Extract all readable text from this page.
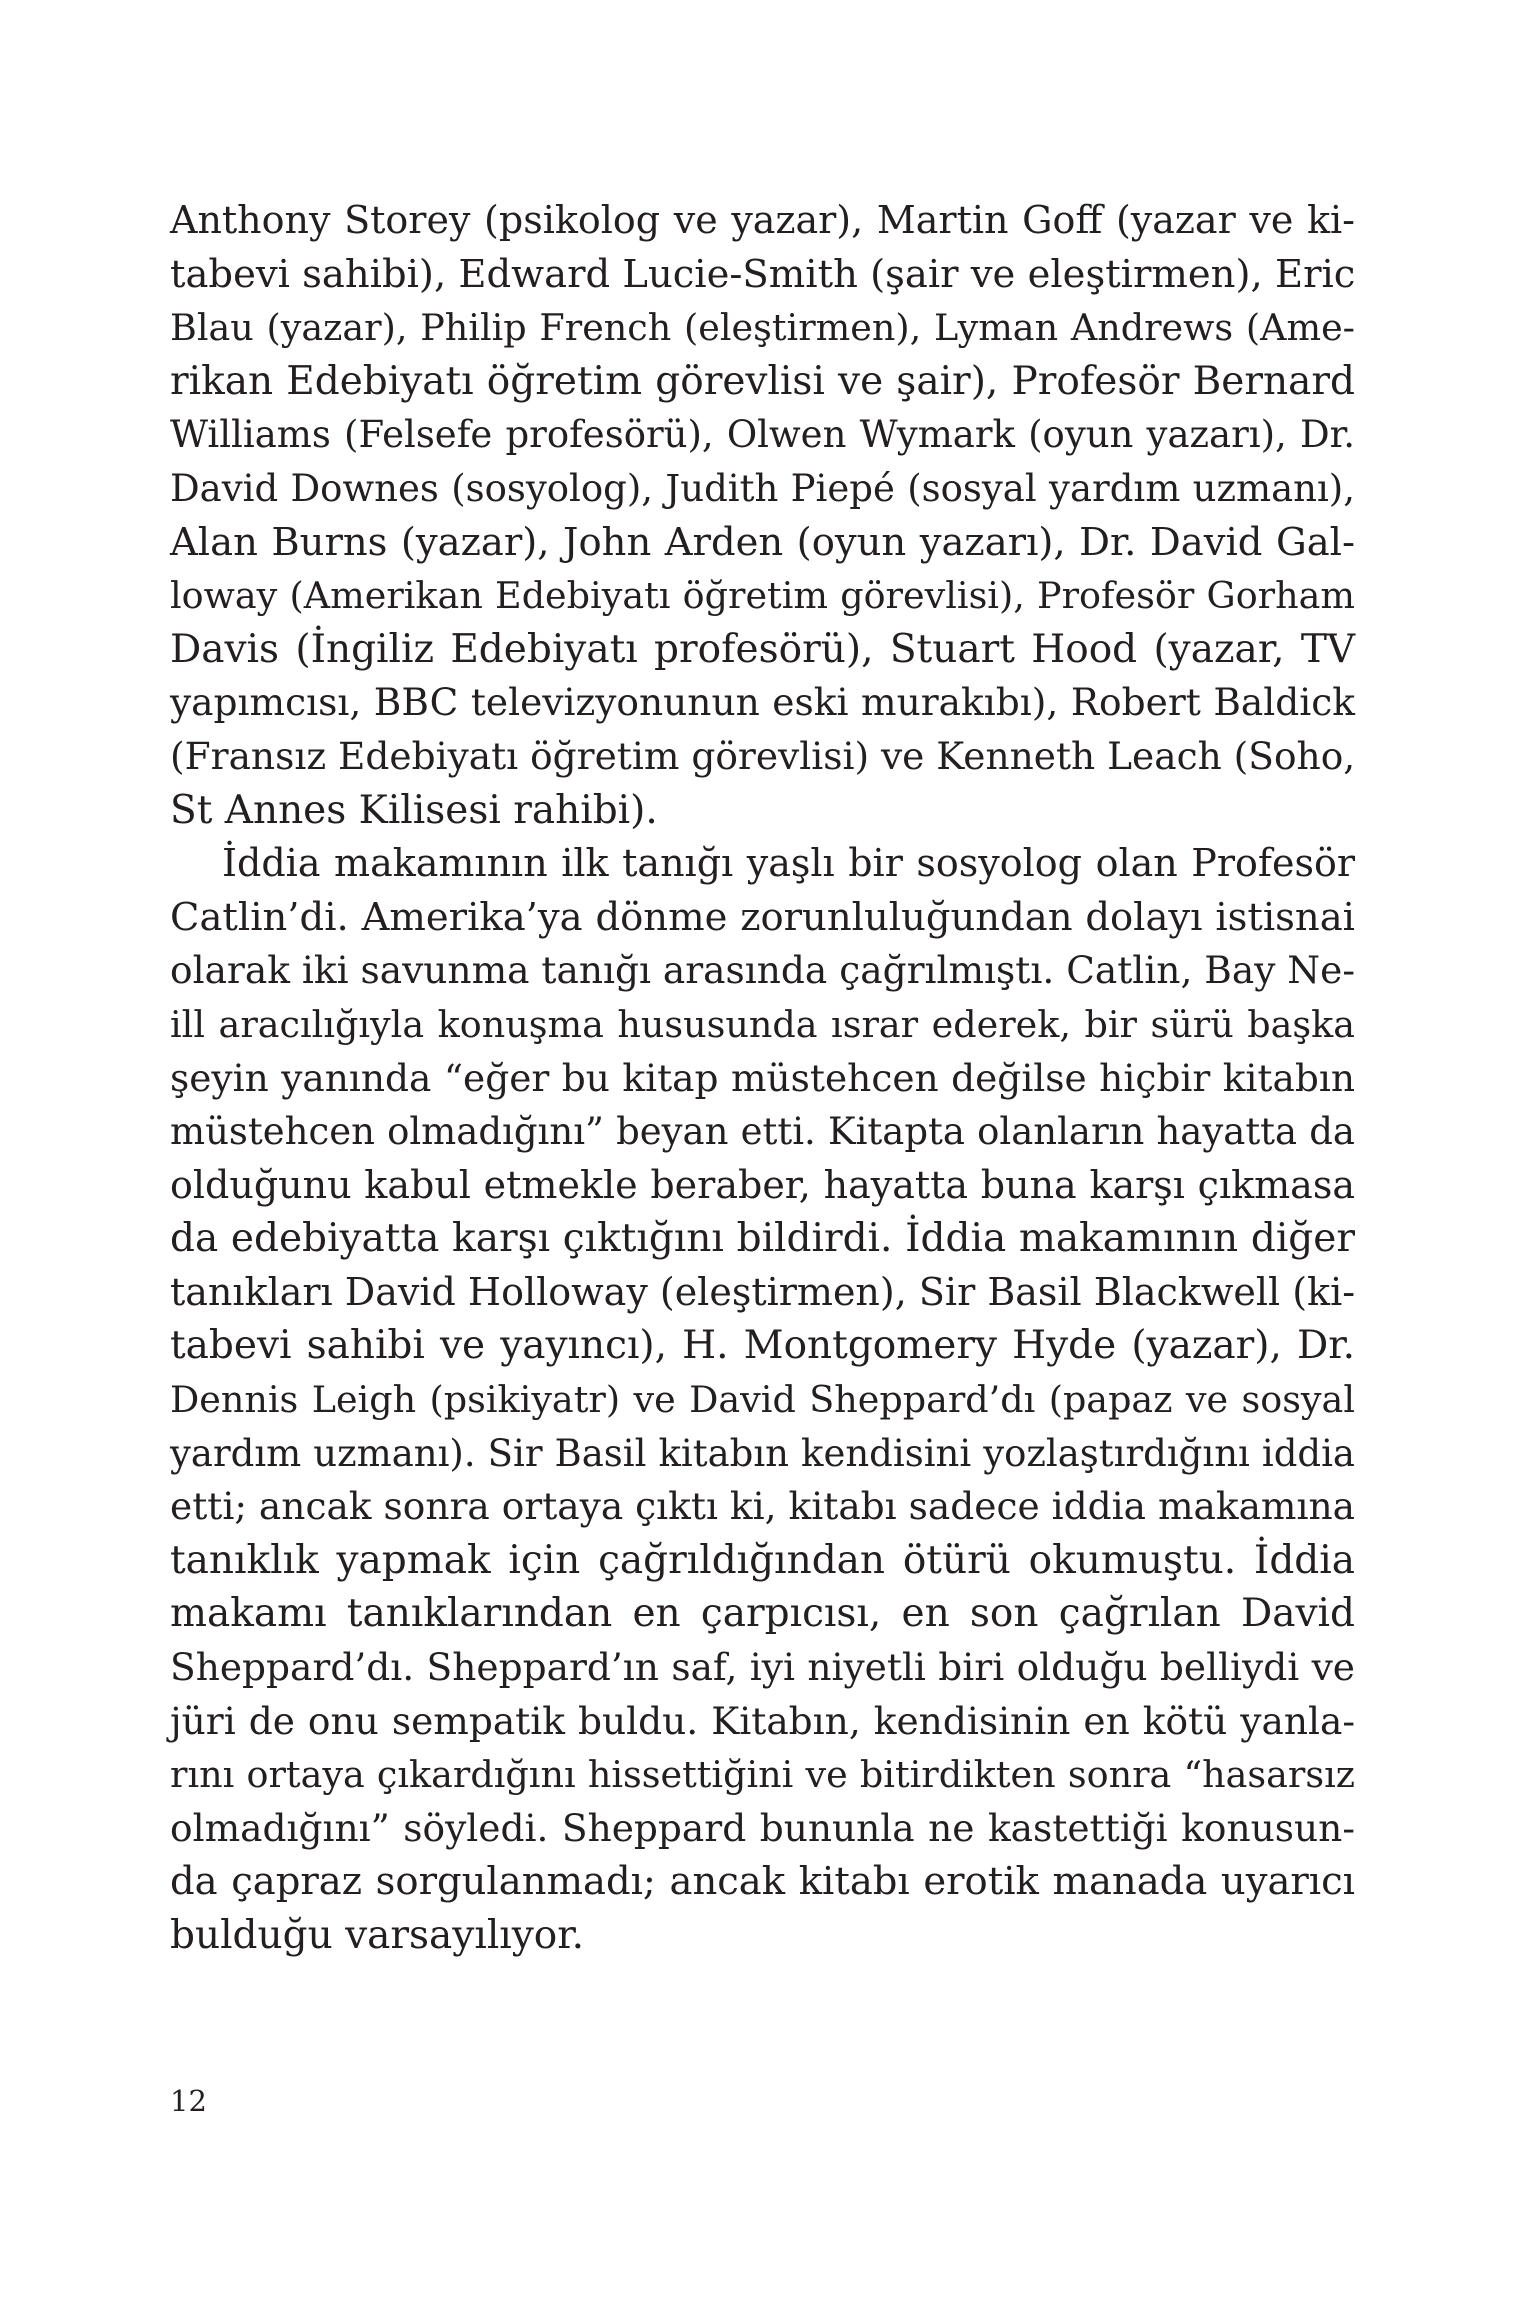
Anthony Storey (psikolog ve yazar), Martin Goff (yazar ve ki-
tabevi sahibi), Edward Lucie-Smith (şair ve eleştirmen), Eric
Blau (yazar), Philip French (eleştirmen), Lyman Andrews (Ame-
rikan Edebiyatı öğretim görevlisi ve şair), Profesör Bernard
Williams (Felsefe profesörü), Olwen Wymark (oyun yazarı), Dr.
David Downes (sosyolog), Judith Piepé (sosyal yardım uzmanı),
Alan Burns (yazar), John Arden (oyun yazarı), Dr. David Gal-
loway (Amerikan Edebiyatı öğretim görevlisi), Profesör Gorham
Davis (İngiliz Edebiyatı profesörü), Stuart Hood (yazar, TV
yapımcısı, BBC televizyonunun eski murakıbı), Robert Baldick
(Fransız Edebiyatı öğretim görevlisi) ve Kenneth Leach (Soho,
St Annes Kilisesi rahibi).
İddia makamının ilk tanığı yaşlı bir sosyolog olan Profesör
Catlin’di. Amerika’ya dönme zorunluluğundan dolayı istisnai
olarak iki savunma tanığı arasında çağrılmıştı. Catlin, Bay Ne-
ill aracılığıyla konuşma hususunda ısrar ederek, bir sürü başka
şeyin yanında “eğer bu kitap müstehcen değilse hiçbir kitabın
müstehcen olmadığını” beyan etti. Kitapta olanların hayatta da
olduğunu kabul etmekle beraber, hayatta buna karşı çıkmasa
da edebiyatta karşı çıktığını bildirdi. İddia makamının diğer
tanıkları David Holloway (eleştirmen), Sir Basil Blackwell (ki-
tabevi sahibi ve yayıncı), H. Montgomery Hyde (yazar), Dr.
Dennis Leigh (psikiyatr) ve David Sheppard’dı (papaz ve sosyal
yardım uzmanı). Sir Basil kitabın kendisini yozlaştırdığını iddia
etti; ancak sonra ortaya çıktı ki, kitabı sadece iddia makamına
tanıklık yapmak için çağrıldığından ötürü okumuştu. İddia
makamı tanıklarından en çarpıcısı, en son çağrılan David
Sheppard’dı. Sheppard’ın saf, iyi niyetli biri olduğu belliydi ve
jüri de onu sempatik buldu. Kitabın, kendisinin en kötü yanla-
rını ortaya çıkardığını hissettiğini ve bitirdikten sonra “hasarsız
olmadığını” söyledi. Sheppard bununla ne kastettiği konusun-
da çapraz sorgulanmadı; ancak kitabı erotik manada uyarıcı
bulduğu varsayılıyor.
12
